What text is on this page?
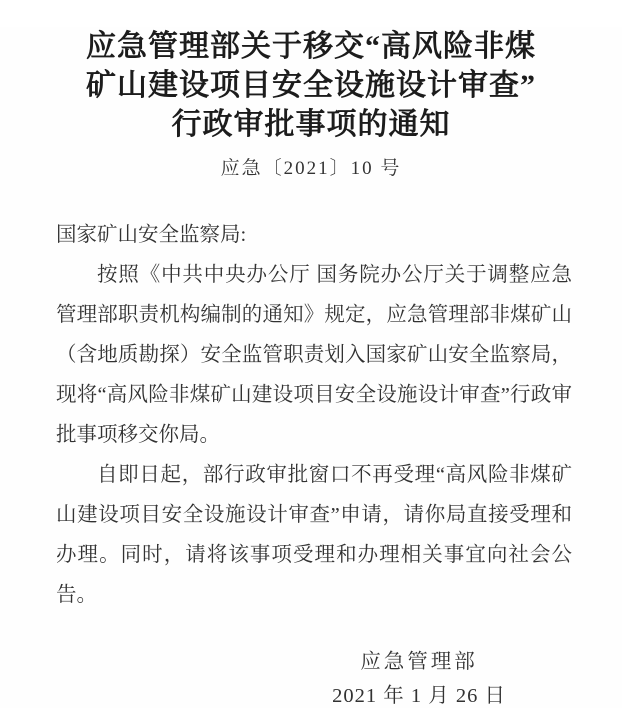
应急管理部关于移交“高风险非煤
矿山建设项目安全设施设计审查”
行政审批事项的通知
应急〔2021〕10 号

国家矿山安全监察局:

按照《中共中央办公厅 国务院办公厅关于调整应急管理部职责机构编制的通知》规定，应急管理部非煤矿山（含地质勘探）安全监管职责划入国家矿山安全监察局，现将“高风险非煤矿山建设项目安全设施设计审查”行政审批事项移交你局。

自即日起，部行政审批窗口不再受理“高风险非煤矿山建设项目安全设施设计审查”申请，请你局直接受理和办理。同时，请将该事项受理和办理相关事宜向社会公告。

应急管理部
2021 年 1 月 26 日
